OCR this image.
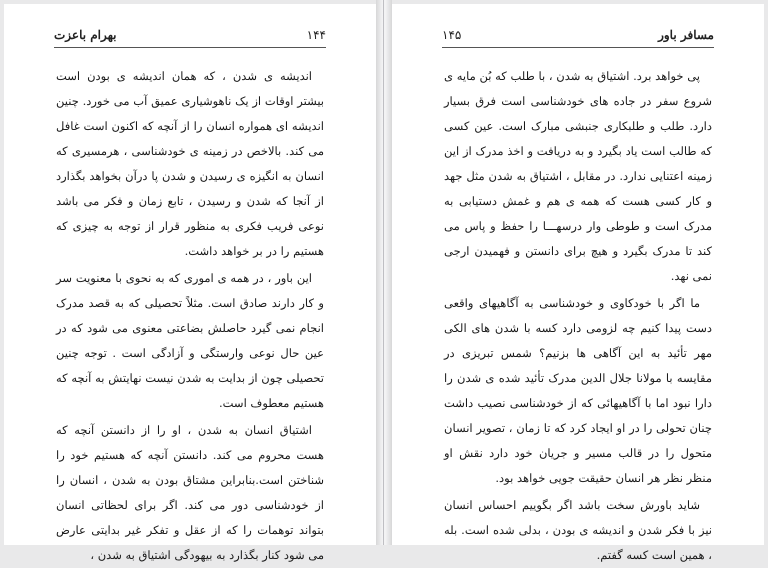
بهرام باعزت	۱۴۴

اندیشه ی شدن ، که همان اندیشه ی بودن است بیشتر اوقات از یک ناهوشیاری عمیق آب می خورد. چنین اندیشه ای همواره انسان را از آنچه که اکنون است غافل می کند. بالاخص در زمینه ی خودشناسی ، هرمسیری که انسان به انگیزه ی رسیدن و شدن پا درآن بخواهد بگذارد از آنجا که شدن و رسیدن ، تابع زمان و فکر می باشد نوعی فریب فکری به منظور قرار از توجه به چیزی که هستیم را در بر خواهد داشت.

این باور ، در همه ی اموری که به نحوی با معنویت سر و کار دارند صادق است. مثلاً تحصیلی که به قصد مدرک انجام نمی گیرد حاصلش بضاعتی معنوی می شود که در عین حال نوعی وارستگی و آزادگی است . توجه چنین تحصیلی چون از بدایت به شدن نیست نهایتش به آنچه که هستیم معطوف است.

اشتیاق انسان به شدن ، او را از دانستن آنچه که هست محروم می کند. دانستن آنچه که هستیم خود را شناختن است.بنابراین مشتاق بودن به شدن ، انسان را از خودشناسی دور می کند. اگر برای لحظاتی انسان بتواند توهمات را که از عقل و تفکر غیر بدایتی عارض می شود کنار بگذارد به بیهودگی اشتیاق به شدن ،

۱۴۵	مسافر باور

پی خواهد برد. اشتیاق به شدن ، با طلب که بُن مایه ی شروع سفر در جاده های خودشناسی است فرق بسیار دارد. طلب و طلبکاری جنبشی مبارک است. عین کسی که طالب است یاد بگیرد و به دریافت و اخذ مدرک از این زمینه اعتنایی ندارد. در مقابل ، اشتیاق به شدن مثل جهد و کار کسی هست که همه ی هم و غمش دستیابی به مدرک است و طوطی وار درسهـــا را حفظ و پاس می کند تا مدرک بگیرد و هیچ برای دانستن و فهمیدن ارجی نمی نهد.

ما اگر با خودکاوی و خودشناسی به آگاهیهای واقعی دست پیدا کنیم چه لزومی دارد کسه با شدن های الکی مهر تأئید به این آگاهی ها بزنیم؟ شمس تبریزی در مقایسه با مولانا جلال الدین مدرک تأئید شده ی شدن را دارا نبود اما با آگاهیهائی که از خودشناسی نصیب داشت چنان تحولی را در او ایجاد کرد که تا زمان ، تصویر انسان متحول را در قالب مسیر و جریان خود دارد نقش او منظر نظر هر انسان حقیقت جویی خواهد بود.

شاید باورش سخت باشد اگر بگوییم احساس انسان نیز با فکر شدن و اندیشه ی بودن ، بدلی شده است. بله ، همین است کسه گفتم.
